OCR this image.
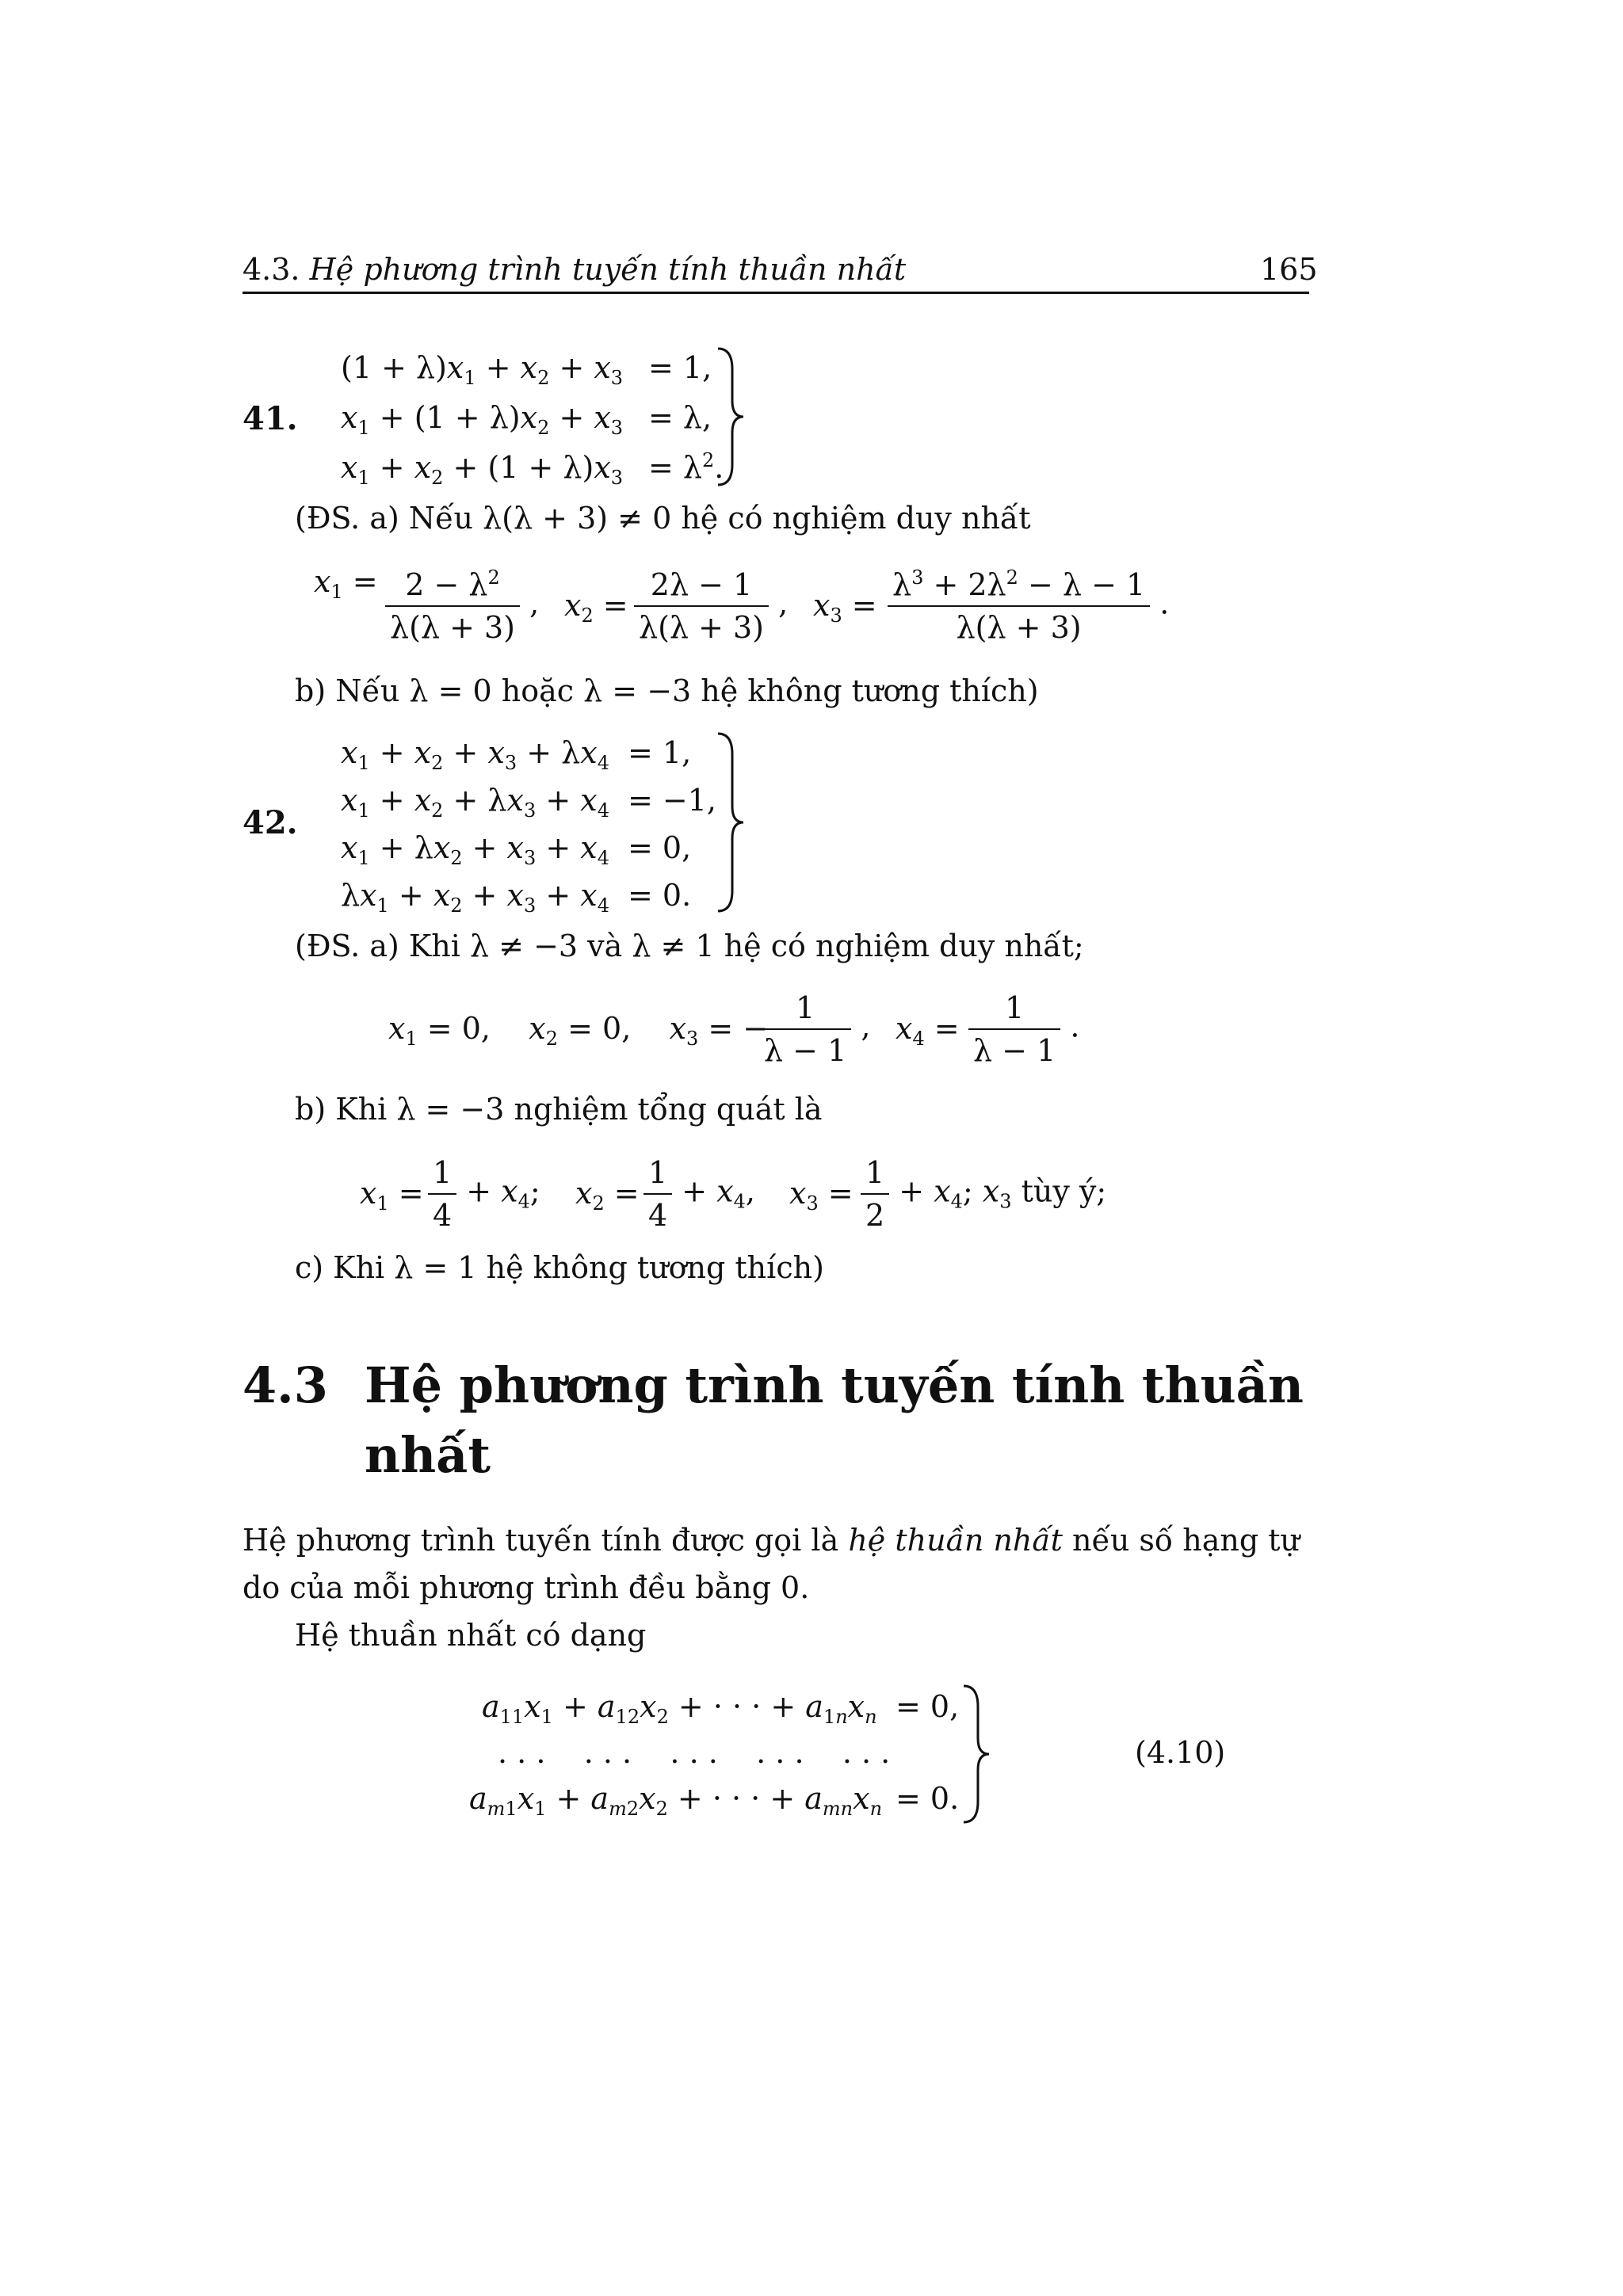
4.3. Hệ phương trình tuyến tính thuần nhất	165
41.
$(1 + \lambda)x_1 + x_2 + x_3$
$x_1 + (1 + \lambda)x_2 + x_3$
$x_1 + x_2 + (1 + \lambda)x_3$
= 1,
= λ,
= $\lambda^2$.
(ĐS. a) Nếu λ(λ + 3) ≠ 0 hệ có nghiệm duy nhất
$x_1 = \frac{2 - \lambda^2}{\lambda(\lambda + 3)}$ , $x_2 = \frac{2\lambda - 1}{\lambda(\lambda + 3)}$ , $x_3 = \frac{\lambda^3 + 2\lambda^2 - \lambda - 1}{\lambda(\lambda + 3)}$ .
b) Nếu λ = 0 hoặc λ = −3 hệ không tương thích)
42.
$x_1 + x_2 + x_3 + \lambda x_4$
$x_1 + x_2 + \lambda x_3 + x_4$
$x_1 + \lambda x_2 + x_3 + x_4$
$\lambda x_1 + x_2 + x_3 + x_4$
= 1,
= −1,
= 0,
= 0.
(ĐS. a) Khi λ ≠ −3 và λ ≠ 1 hệ có nghiệm duy nhất;
$x_1 = 0$,    $x_2 = 0$,    $x_3$ = −
$\frac{1}{\lambda - 1}$ , $x_4 = \frac{1}{\lambda - 1}$ .
b) Khi λ = −3 nghiệm tổng quát là
$x_1 = \frac{1}{4} + x_4$; $x_2 = \frac{1}{4} + x_4$, $x_3 = \frac{1}{2} + x_4$; $x_3$ tùy ý;
c) Khi λ = 1 hệ không tương thích)
4.3 Hệ phương trình tuyến tính thuần
nhất
Hệ phương trình tuyến tính được gọi là hệ thuần nhất nếu số hạng tự
do của mỗi phương trình đều bằng 0.
Hệ thuần nhất có dạng
$a_{11}x_1 + a_{12}x_2$ + · · · + $a_{1n}x_n = 0$,
. . .    . . .    . . .    . . .    . . .
$a_{m1}x_1 + a_{m2}x_2$ + · · · + $a_{mn}x_n = 0$.
(4.10)
